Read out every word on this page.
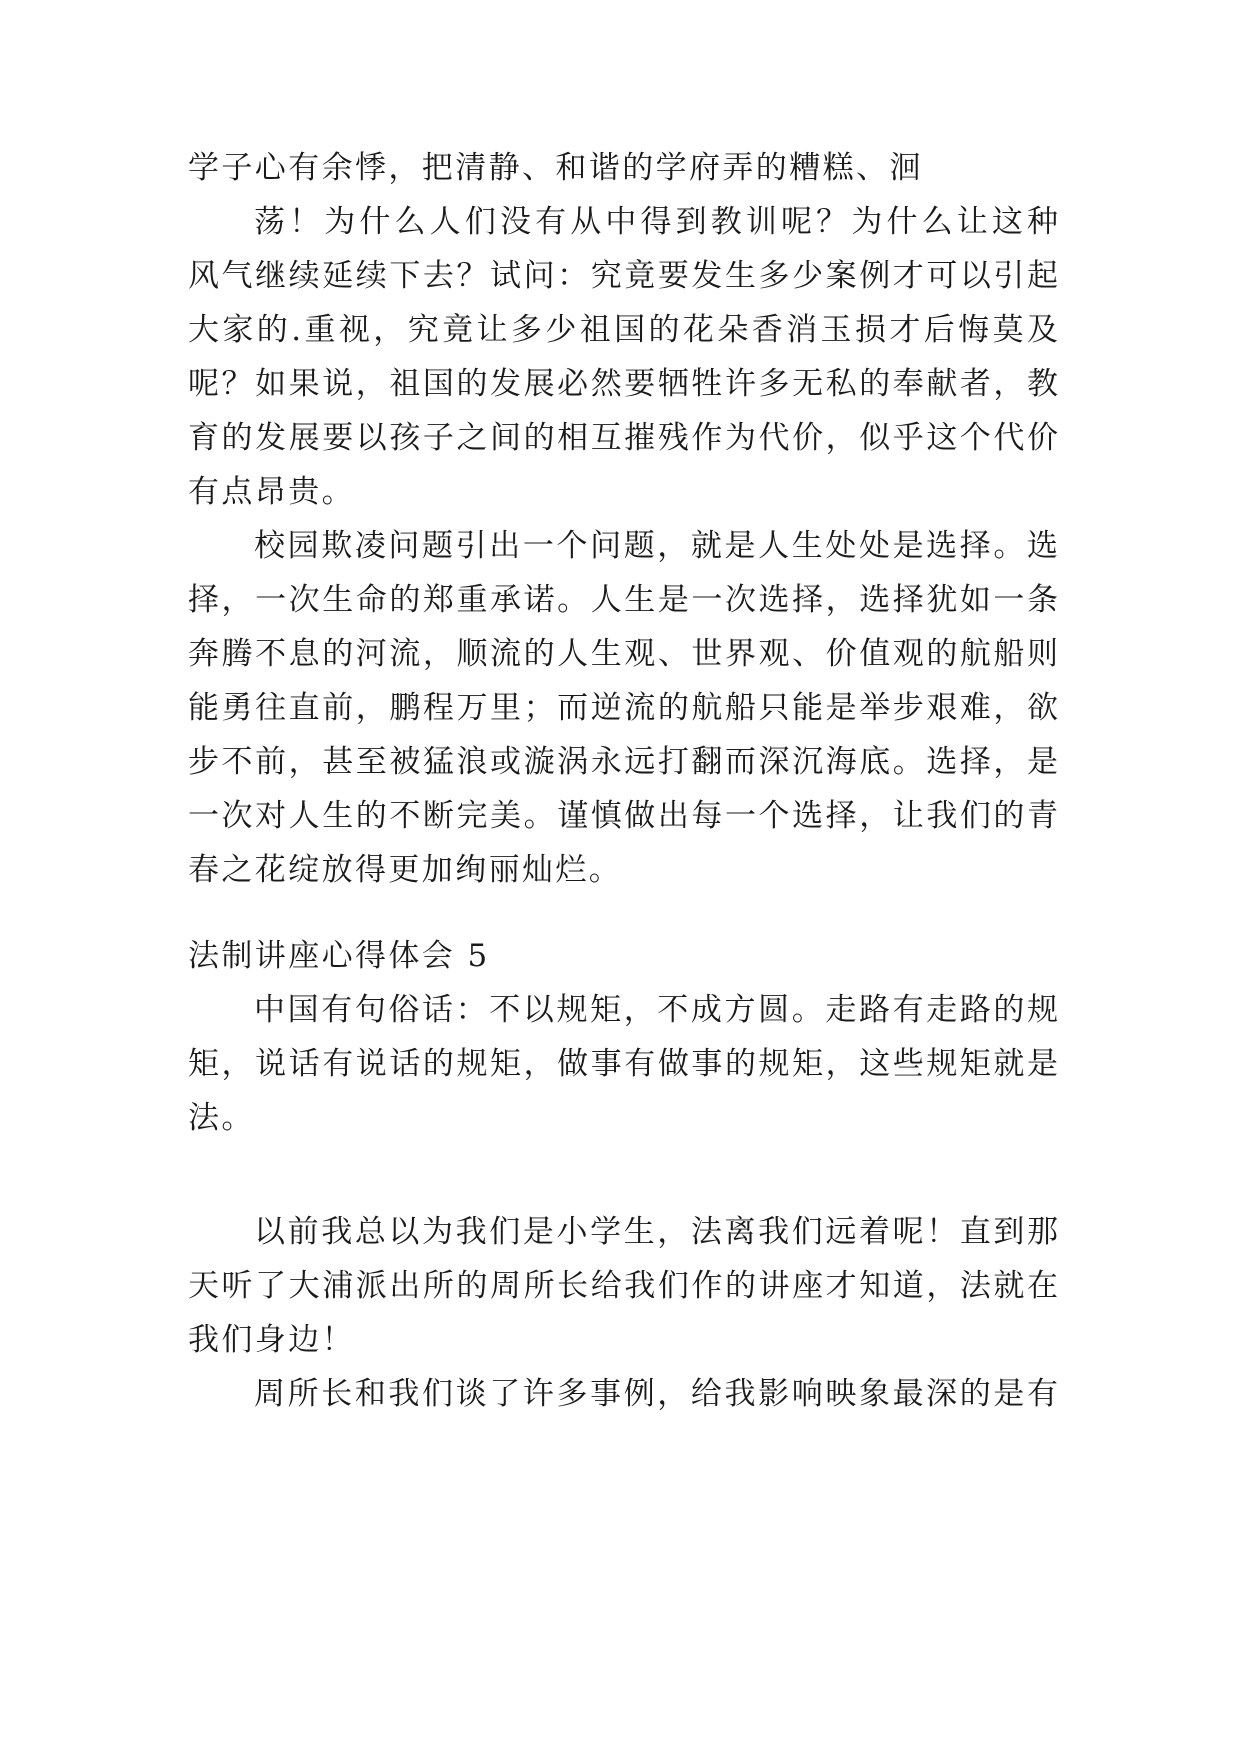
学子心有余悸，把清静、和谐的学府弄的糟糕、洄
荡！为什么人们没有从中得到教训呢？为什么让这种
风气继续延续下去？试问：究竟要发生多少案例才可以引起
大家的.重视，究竟让多少祖国的花朵香消玉损才后悔莫及
呢？如果说，祖国的发展必然要牺牲许多无私的奉献者，教
育的发展要以孩子之间的相互摧残作为代价，似乎这个代价
有点昂贵。
校园欺凌问题引出一个问题，就是人生处处是选择。选
择，一次生命的郑重承诺。人生是一次选择，选择犹如一条
奔腾不息的河流，顺流的人生观、世界观、价值观的航船则
能勇往直前，鹏程万里；而逆流的航船只能是举步艰难，欲
步不前，甚至被猛浪或漩涡永远打翻而深沉海底。选择，是
一次对人生的不断完美。谨慎做出每一个选择，让我们的青
春之花绽放得更加绚丽灿烂。
法制讲座心得体会 5
中国有句俗话：不以规矩，不成方圆。走路有走路的规
矩，说话有说话的规矩，做事有做事的规矩，这些规矩就是
法。
以前我总以为我们是小学生，法离我们远着呢！直到那
天听了大浦派出所的周所长给我们作的讲座才知道，法就在
我们身边！
周所长和我们谈了许多事例，给我影响映象最深的是有
